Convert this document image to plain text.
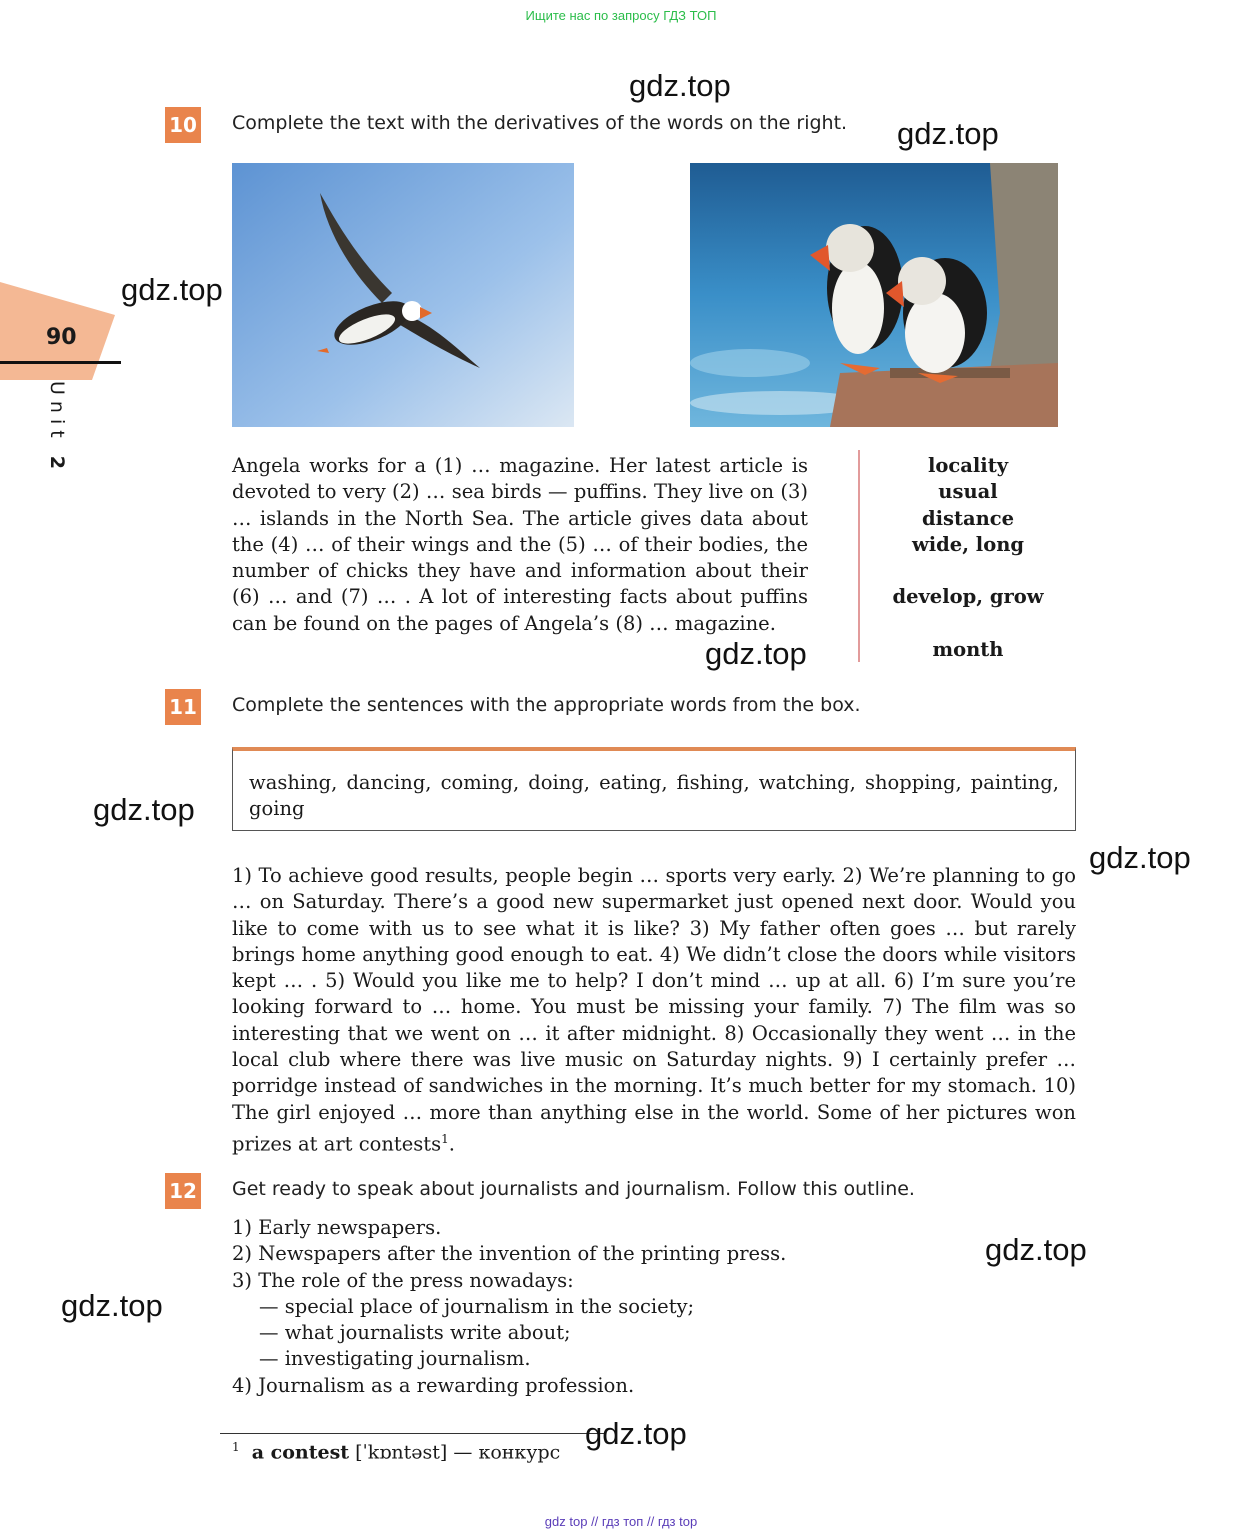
Ищите нас по запросу ГДЗ ТОП
90
Unit 2
10 Complete the text with the derivatives of the words on the right.
Angela works for a (1) … magazine. Her latest article is devoted to very (2) … sea birds — puffins. They live on (3) … islands in the North Sea. The article gives data about the (4) … of their wings and the (5) … of their bodies, the number of chicks they have and information about their (6) … and (7) … . A lot of interesting facts about puffins can be found on the pages of Angela’s (8) … magazine.
locality
usual
distance
wide, long
develop, grow
month
11 Complete the sentences with the appropriate words from the box.
washing, dancing, coming, doing, eating, fishing, watching, shopping, painting, going
1) To achieve good results, people begin … sports very early. 2) We’re planning to go … on Saturday. There’s a good new supermarket just opened next door. Would you like to come with us to see what it is like? 3) My father often goes … but rarely brings home anything good enough to eat. 4) We didn’t close the doors while visitors kept … . 5) Would you like me to help? I don’t mind … up at all. 6) I’m sure you’re looking forward to … home. You must be missing your family. 7) The film was so interesting that we went on … it after midnight. 8) Occasionally they went … in the local club where there was live music on Saturday nights. 9) I certainly prefer … porridge instead of sandwiches in the morning. It’s much better for my stomach. 10) The girl enjoyed … more than anything else in the world. Some of her pictures won prizes at art contests$^1$.
12 Get ready to speak about journalists and journalism. Follow this outline.
1) Early newspapers.
2) Newspapers after the invention of the printing press.
3) The role of the press nowadays:
— special place of journalism in the society;
— what journalists write about;
— investigating journalism.
4) Journalism as a rewarding profession.
$^1$ a contest [ˈkɒntəst] — конкурс
gdz.top
gdz.top
gdz.top
gdz.top
gdz.top
gdz.top
gdz.top
gdz.top
gdz.top
gdz top // гдз топ // гдз top
